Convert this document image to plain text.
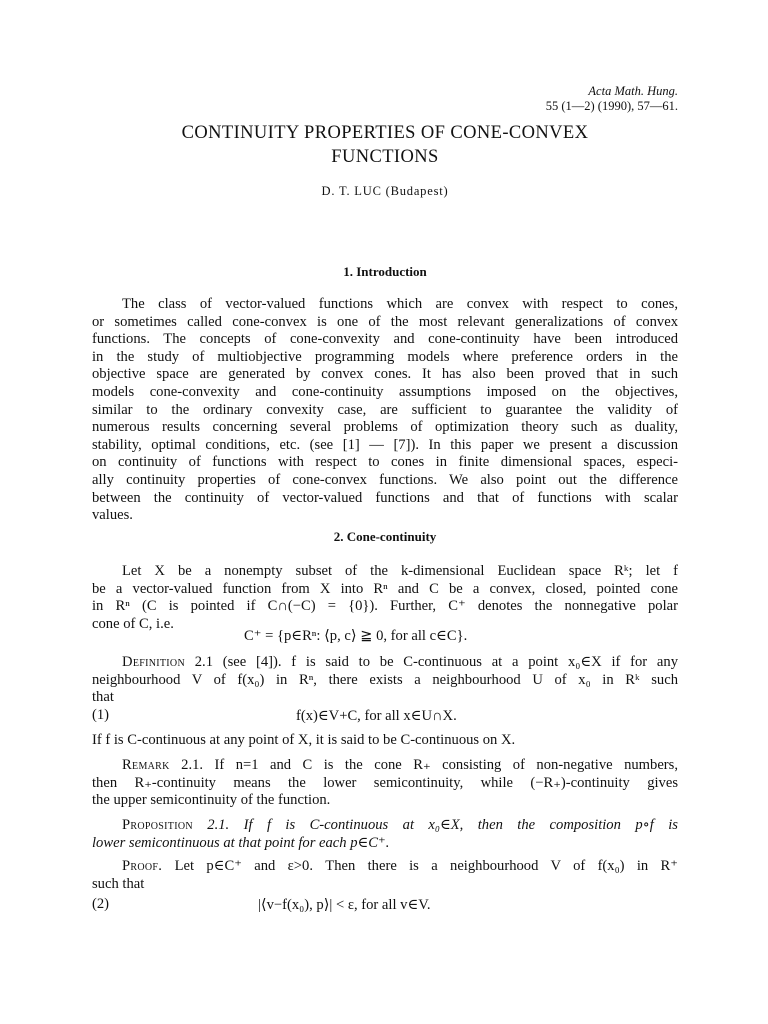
Acta Math. Hung.
55 (1—2) (1990), 57—61.
CONTINUITY PROPERTIES OF CONE-CONVEX
FUNCTIONS
D. T. LUC (Budapest)
1. Introduction
The class of vector-valued functions which are convex with respect to cones,
or sometimes called cone-convex is one of the most relevant generalizations of convex
functions. The concepts of cone-convexity and cone-continuity have been introduced
in the study of multiobjective programming models where preference orders in the
objective space are generated by convex cones. It has also been proved that in such
models cone-convexity and cone-continuity assumptions imposed on the objectives,
similar to the ordinary convexity case, are sufficient to guarantee the validity of
numerous results concerning several problems of optimization theory such as duality,
stability, optimal conditions, etc. (see [1] — [7]). In this paper we present a discussion
on continuity of functions with respect to cones in finite dimensional spaces, especi-
ally continuity properties of cone-convex functions. We also point out the difference
between the continuity of vector-valued functions and that of functions with scalar
values.
2. Cone-continuity
Let X be a nonempty subset of the k-dimensional Euclidean space Rᵏ; let f
be a vector-valued function from X into Rⁿ and C be a convex, closed, pointed cone
in Rⁿ (C is pointed if C∩(−C) = {0}). Further, C⁺ denotes the nonnegative polar
cone of C, i.e.
C⁺ = {p∈Rⁿ: ⟨p, c⟩ ≧ 0, for all c∈C}.
Definition 2.1 (see [4]). f is said to be C-continuous at a point x₀∈X if for any
neighbourhood V of f(x₀) in Rⁿ, there exists a neighbourhood U of x₀ in Rᵏ such
that
(1)	f(x)∈V+C, for all x∈U∩X.
If f is C-continuous at any point of X, it is said to be C-continuous on X.
Remark 2.1. If n=1 and C is the cone R₊ consisting of non-negative numbers,
then R₊-continuity means the lower semicontinuity, while (−R₊)-continuity gives
the upper semicontinuity of the function.
Proposition 2.1. If f is C-continuous at x₀∈X, then the composition p∘f is
lower semicontinuous at that point for each p∈C⁺.
Proof. Let p∈C⁺ and ε>0. Then there is a neighbourhood V of f(x₀) in R⁺
such that
(2)	|⟨v−f(x₀), p⟩| < ε, for all v∈V.
